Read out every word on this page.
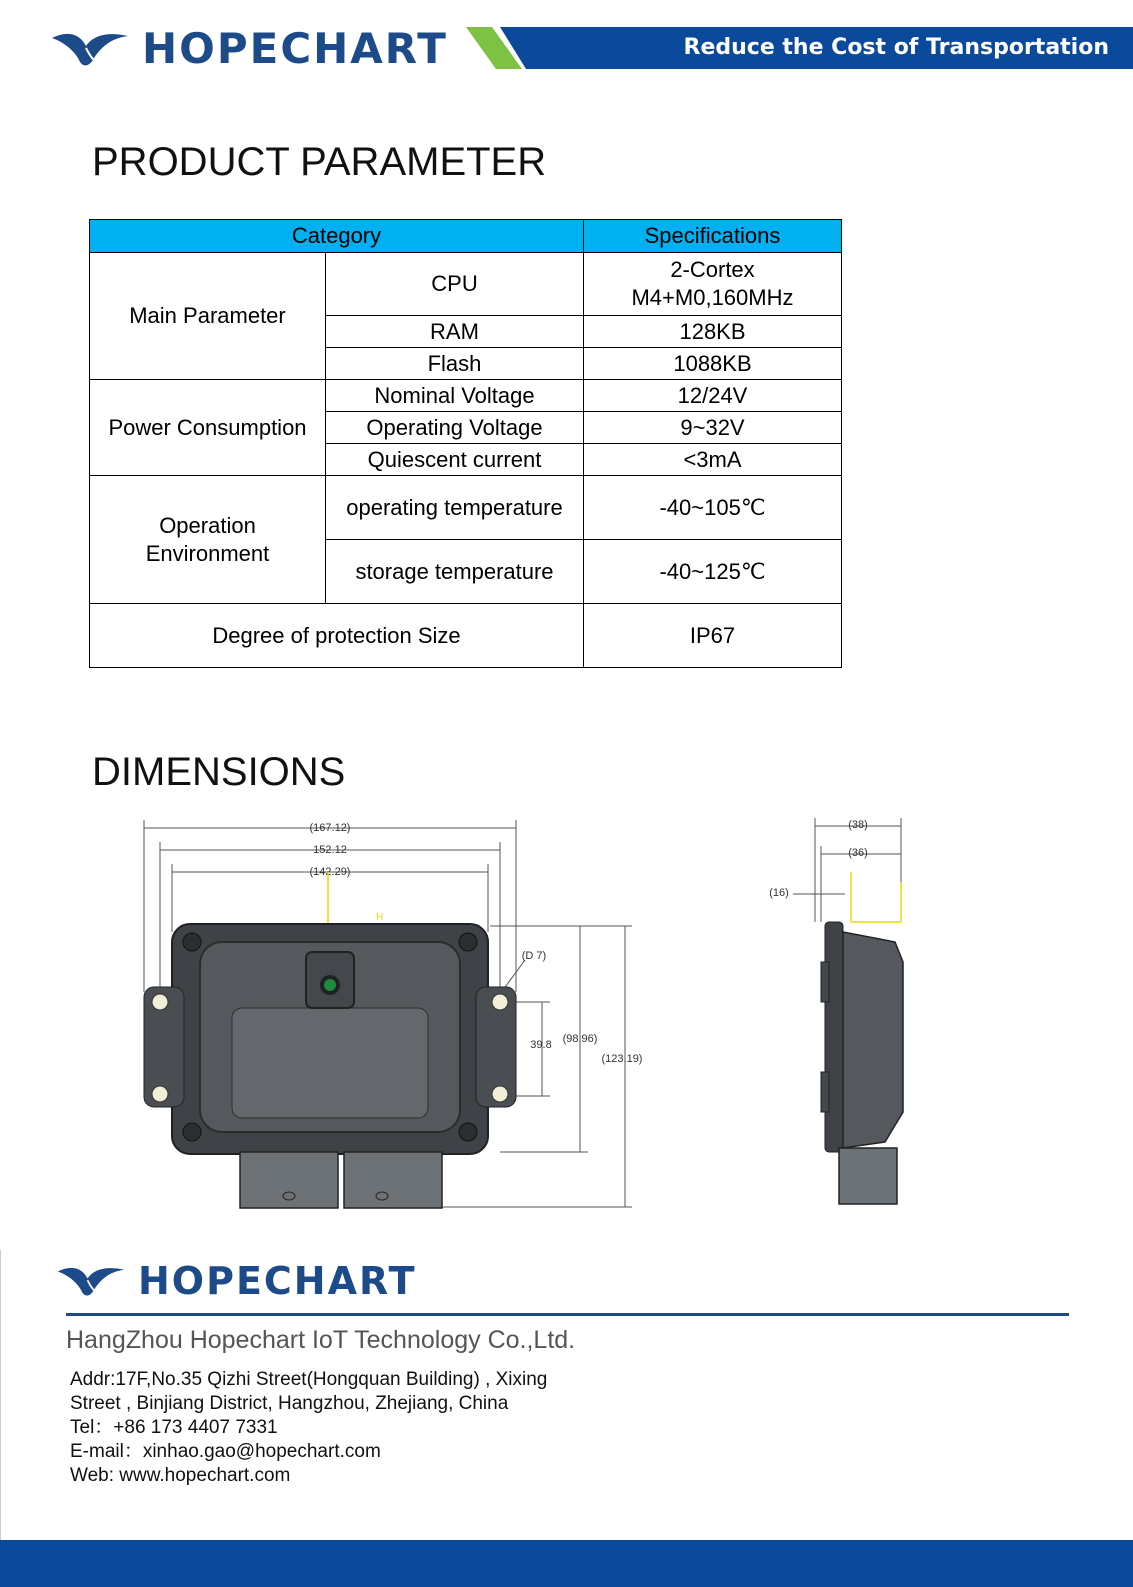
HOPECHART	Reduce the Cost of Transportation
PRODUCT PARAMETER
Category		Specifications
Main Parameter	CPU	2-Cortex
M4+M0,160MHz
	RAM	128KB
	Flash	1088KB
Power Consumption	Nominal Voltage	12/24V
	Operating Voltage	9~32V
	Quiescent current	<3mA
Operation
Environment	operating temperature	-40~105℃
	storage temperature	-40~125℃
Degree of protection Size		IP67
DIMENSIONS
(167.12)
152.12
(142.29)
(D 7)
39.8 (98.96)
(123.19)
H
(38)
(36)
(16)
HOPECHART
HangZhou Hopechart IoT Technology Co.,Ltd.
Addr:17F,No.35 Qizhi Street(Hongquan Building) , Xixing
Street , Binjiang District, Hangzhou, Zhejiang, China
Tel：+86 173 4407 7331
E-mail：xinhao.gao@hopechart.com
Web: www.hopechart.com
